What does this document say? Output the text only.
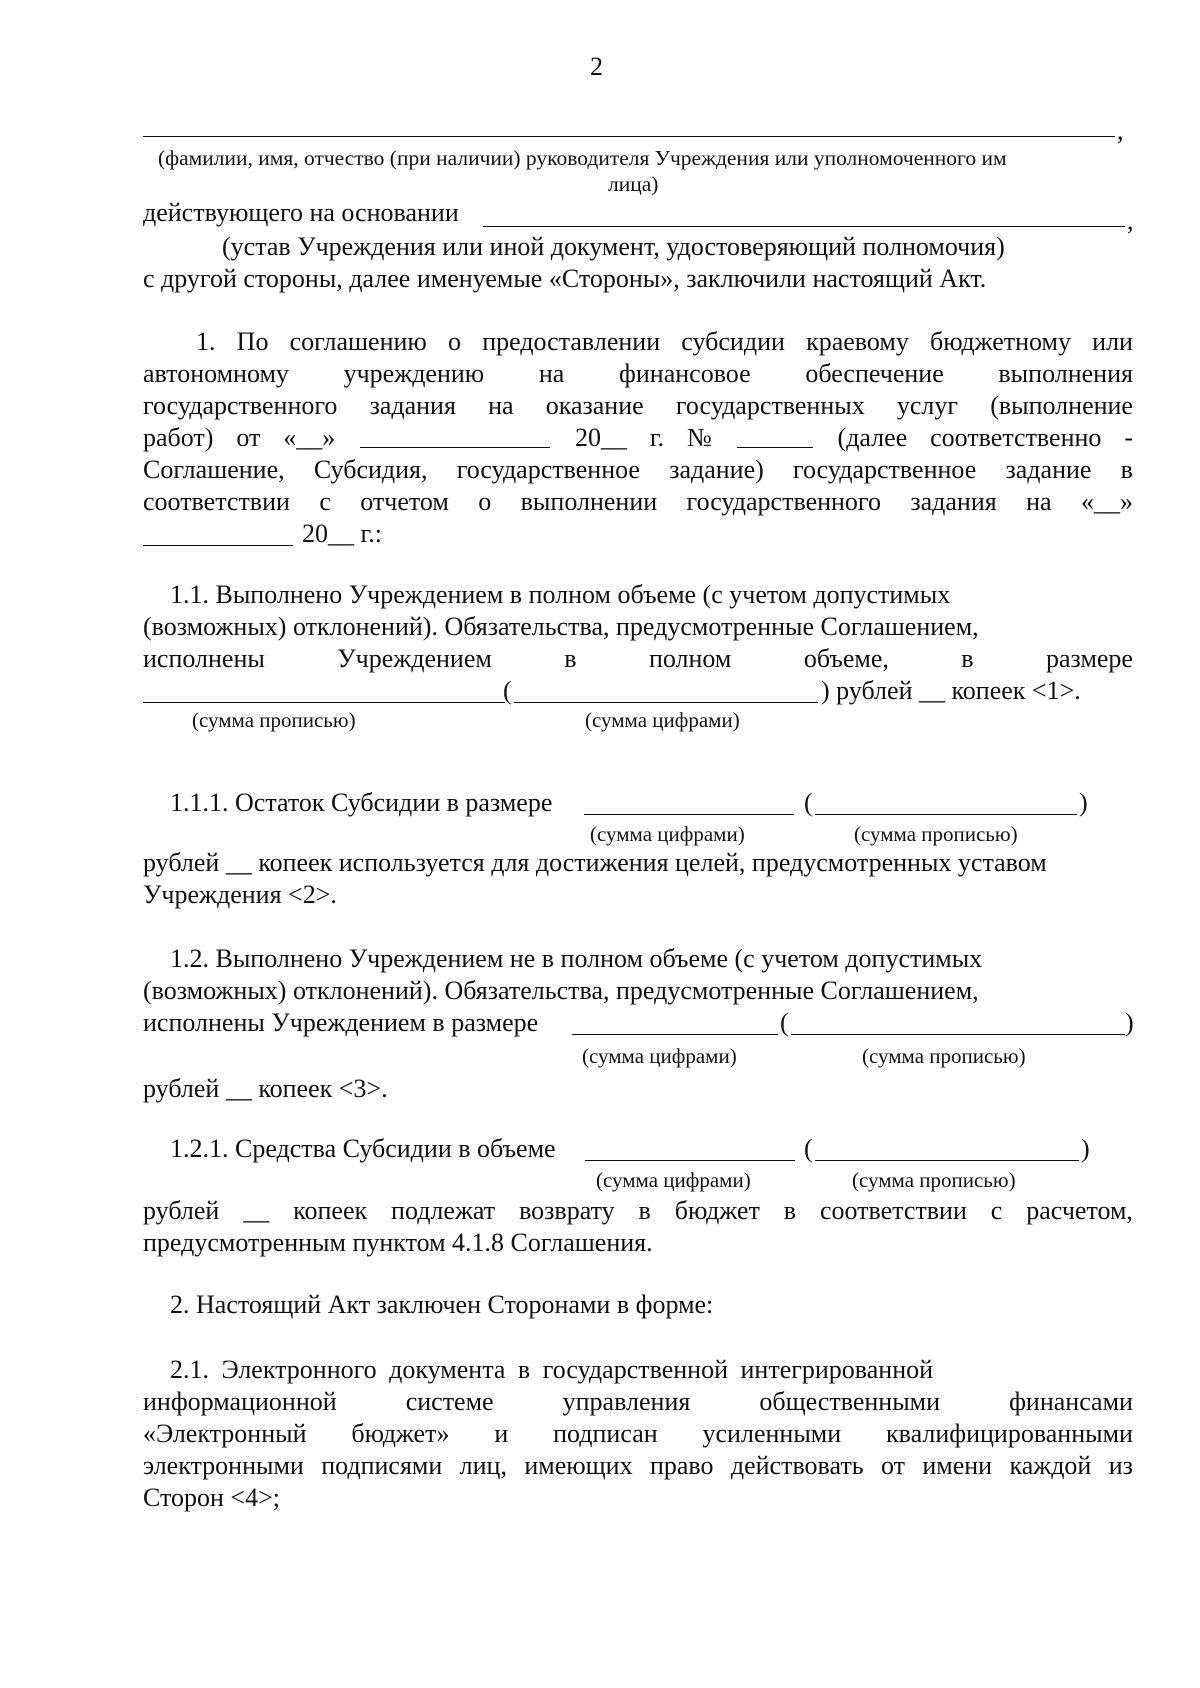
2
,
(фамилии, имя, отчество (при наличии) руководителя Учреждения или уполномоченного им
лица)
действующего на основании	,
(устав Учреждения или иной документ, удостоверяющий полномочия)
с другой стороны, далее именуемые «Стороны», заключили настоящий Акт.
1. По соглашению о предоставлении субсидии краевому бюджетному или
автономному учреждению на финансовое обеспечение выполнения
государственного задания на оказание государственных услуг (выполнение
работ) от «__»	20__ г. №	(далее соответственно -
Соглашение, Субсидия, государственное задание) государственное задание в
соответствии с отчетом о выполнении государственного задания на «__»
20__ г.:
1.1. Выполнено Учреждением в полном объеме (с учетом допустимых
(возможных) отклонений). Обязательства, предусмотренные Соглашением,
исполнены	Учреждением	в	полном	объеме,	в	размере
(	) рублей __ копеек <1>.
(сумма прописью)	(сумма цифрами)
1.1.1. Остаток Субсидии в размере	(	)
(сумма цифрами)	(сумма прописью)
рублей __ копеек используется для достижения целей, предусмотренных уставом
Учреждения <2>.
1.2. Выполнено Учреждением не в полном объеме (с учетом допустимых
(возможных) отклонений). Обязательства, предусмотренные Соглашением,
исполнены Учреждением в размере	(	)
(сумма цифрами)	(сумма прописью)
рублей __ копеек <3>.
1.2.1. Средства Субсидии в объеме	(	)
(сумма цифрами)	(сумма прописью)
рублей __ копеек подлежат возврату в бюджет в соответствии с расчетом,
предусмотренным пунктом 4.1.8 Соглашения.
2. Настоящий Акт заключен Сторонами в форме:
2.1. Электронного документа в государственной интегрированной
информационной	системе	управления	общественными	финансами
«Электронный бюджет» и подписан усиленными квалифицированными
электронными подписями лиц, имеющих право действовать от имени каждой из
Сторон <4>;
